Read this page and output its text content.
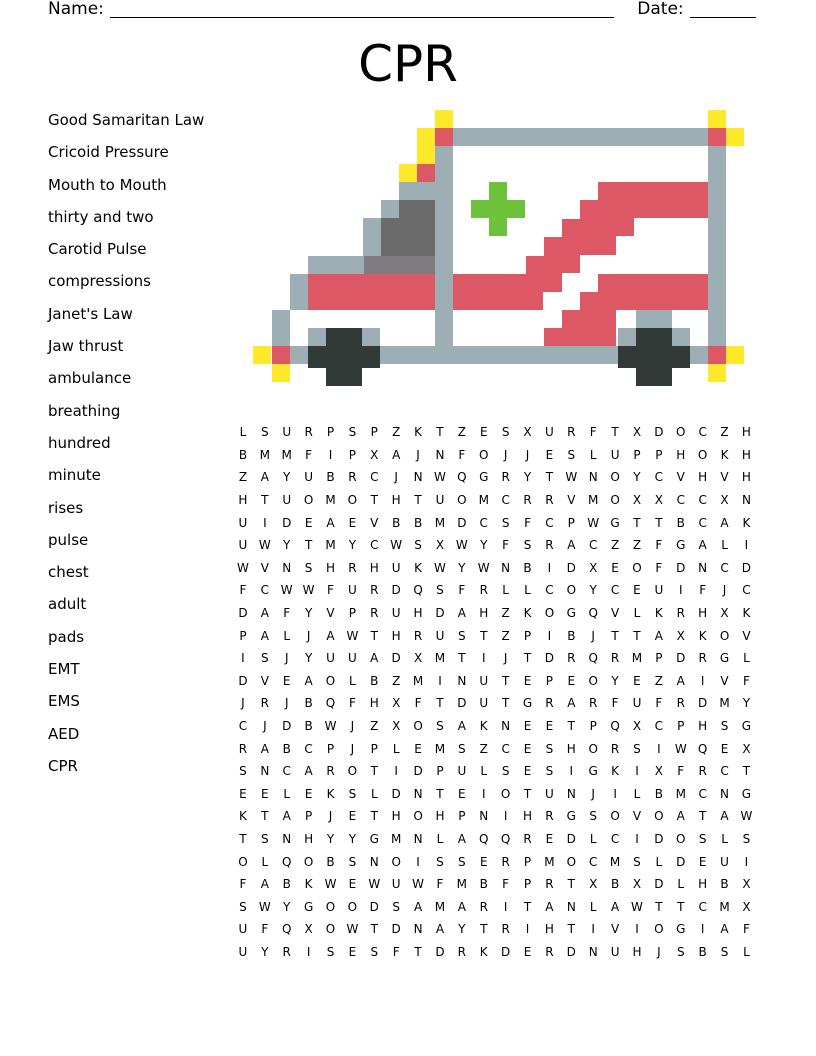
Name:	Date:
CPR
Good Samaritan Law
Cricoid Pressure
Mouth to Mouth
thirty and two
Carotid Pulse
compressions
Janet's Law
Jaw thrust
ambulance
breathing
hundred
minute
rises
pulse
chest
adult
pads
EMT
EMS
AED
CPR
L	S	U	R	P	S	P	Z	K	T	Z	E	S	X	U	R	F	T	X	D	O	C	Z	H
B	M	M	F	I	P	X	A	J	N	F	O	J	J	E	S	L	U	P	P	H	O	K	H
Z	A	Y	U	B	R	C	J	N	W	Q	G	R	Y	T	W	N	O	Y	C	V	H	V	H
H	T	U	O	M	O	T	H	T	U	O	M	C	R	R	V	M	O	X	X	C	C	X	N
U	I	D	E	A	E	V	B	B	M	D	C	S	F	C	P	W	G	T	T	B	C	A	K
U	W	Y	T	M	Y	C	W	S	X	W	Y	F	S	R	A	C	Z	Z	F	G	A	L	I
W	V	N	S	H	R	H	U	K	W	Y	W	N	B	I	D	X	E	O	F	D	N	C	D
F	C	W	W	F	U	R	D	Q	S	F	R	L	L	C	O	Y	C	E	U	I	F	J	C
D	A	F	Y	V	P	R	U	H	D	A	H	Z	K	O	G	Q	V	L	K	R	H	X	K
P	A	L	J	A	W	T	H	R	U	S	T	Z	P	I	B	J	T	T	A	X	K	O	V
I	S	J	Y	U	U	A	D	X	M	T	I	J	T	D	R	Q	R	M	P	D	R	G	L
D	V	E	A	O	L	B	Z	M	I	N	U	T	E	P	E	O	Y	E	Z	A	I	V	F
J	R	J	B	Q	F	H	X	F	T	D	U	T	G	R	A	R	F	U	F	R	D	M	Y
C	J	D	B	W	J	Z	X	O	S	A	K	N	E	E	T	P	Q	X	C	P	H	S	G
R	A	B	C	P	J	P	L	E	M	S	Z	C	E	S	H	O	R	S	I	W	Q	E	X
S	N	C	A	R	O	T	I	D	P	U	L	S	E	S	I	G	K	I	X	F	R	C	T
E	E	L	E	K	S	L	D	N	T	E	I	O	T	U	N	J	I	L	B	M	C	N	G
K	T	A	P	J	E	T	H	O	H	P	N	I	H	R	G	S	O	V	O	A	T	A	W
T	S	N	H	Y	Y	G	M	N	L	A	Q	Q	R	E	D	L	C	I	D	O	S	L	S
O	L	Q	O	B	S	N	O	I	S	S	E	R	P	M	O	C	M	S	L	D	E	U	I
F	A	B	K	W	E	W	U	W	F	M	B	F	P	R	T	X	B	X	D	L	H	B	X
S	W	Y	G	O	O	D	S	A	M	A	R	I	T	A	N	L	A	W	T	T	C	M	X
U	F	Q	X	O	W	T	D	N	A	Y	T	R	I	H	T	I	V	I	O	G	I	A	F
U	Y	R	I	S	E	S	F	T	D	R	K	D	E	R	D	N	U	H	J	S	B	S	L
